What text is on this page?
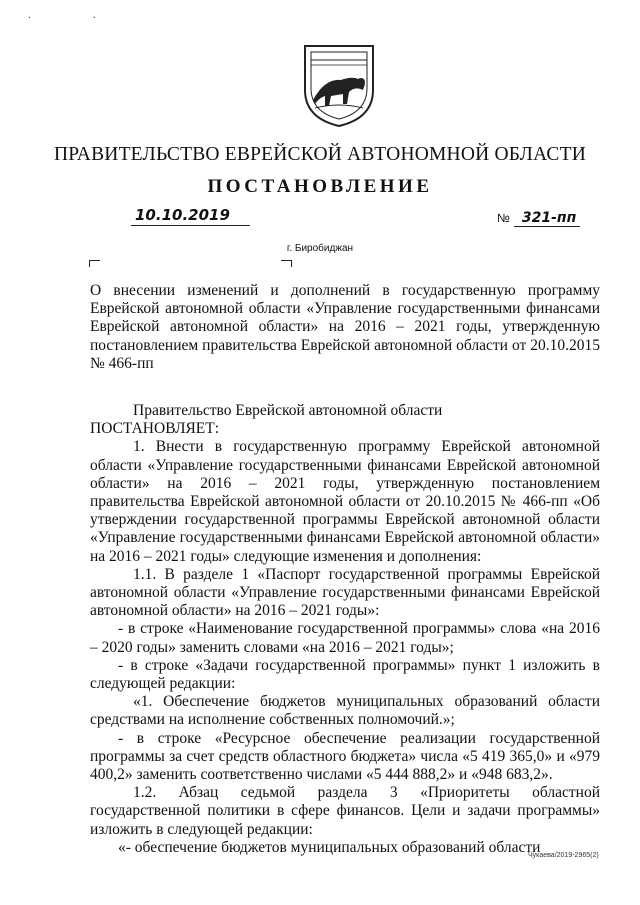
. .
ПРАВИТЕЛЬСТВО ЕВРЕЙСКОЙ АВТОНОМНОЙ ОБЛАСТИ
ПОСТАНОВЛЕНИЕ
10.10.2019	№ 321-пп
г. Биробиджан
О внесении изменений и дополнений в государственную программу Еврейской автономной области «Управление государственными финансами Еврейской автономной области» на 2016 – 2021 годы, утвержденную постановлением правительства Еврейской автономной области от 20.10.2015 № 466-пп

Правительство Еврейской автономной области

ПОСТАНОВЛЯЕТ:

1. Внести в государственную программу Еврейской автономной области «Управление государственными финансами Еврейской автономной области» на 2016 – 2021 годы, утвержденную постановлением правительства Еврейской автономной области от 20.10.2015 № 466-пп «Об утверждении государственной программы Еврейской автономной области «Управление государственными финансами Еврейской автономной области» на 2016 – 2021 годы» следующие изменения и дополнения:

1.1. В разделе 1 «Паспорт государственной программы Еврейской автономной области «Управление государственными финансами Еврейской автономной области» на 2016 – 2021 годы»:

- в строке «Наименование государственной программы» слова «на 2016 – 2020 годы» заменить словами «на 2016 – 2021 годы»;

- в строке «Задачи государственной программы» пункт 1 изложить в следующей редакции:

«1. Обеспечение бюджетов муниципальных образований области средствами на исполнение собственных полномочий.»;

- в строке «Ресурсное обеспечение реализации государственной программы за счет средств областного бюджета» числа «5 419 365,0» и «979 400,2» заменить соответственно числами «5 444 888,2» и «948 683,2».

1.2. Абзац седьмой раздела 3 «Приоритеты областной государственной политики в сфере финансов. Цели и задачи программы» изложить в следующей редакции:

«- обеспечение бюджетов муниципальных образований области

Чукаева/2019-2965(2)
